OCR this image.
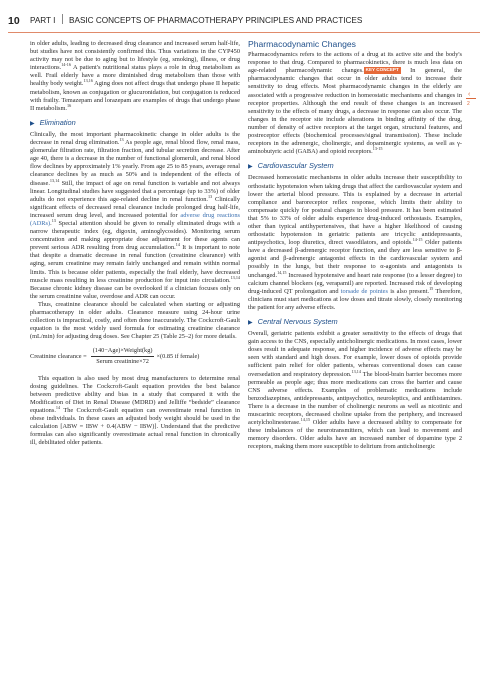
10 PART I BASIC CONCEPTS OF PHARMACOTHERAPY PRINCIPLES AND PRACTICES

in older adults, leading to decreased drug clearance and increased serum half-life, but studies have not consistently confirmed this. Thus variations in the CYP450 activity may not be due to aging but to lifestyle (eg, smoking), illness, or drug interactions.$^{14-16}$ A patient's nutritional status plays a role in drug metabolism as well. Frail elderly have a more diminished drug metabolism than those with healthy body weight.$^{13,16}$ Aging does not affect drugs that undergo phase II hepatic metabolism, known as conjugation or glucuronidation, but conjugation is reduced with frailty. Temazepam and lorazepam are examples of drugs that undergo phase II metabolism.$^{16}$

▶ Elimination

Clinically, the most important pharmacokinetic change in older adults is the decrease in renal drug elimination.$^{13}$ As people age, renal blood flow, renal mass, glomerular filtration rate, filtration fraction, and tubular secretion decrease. After age 40, there is a decrease in the number of functional glomeruli, and renal blood flow declines by approximately 1% yearly. From age 25 to 85 years, average renal clearance declines by as much as 50% and is independent of the effects of disease.$^{13,14}$ Still, the impact of age on renal function is variable and not always linear. Longitudinal studies have suggested that a percentage (up to 33%) of older adults do not experience this age-related decline in renal function.$^{13}$ Clinically significant effects of decreased renal clearance include prolonged drug half-life, increased serum drug level, and increased potential for adverse drug reactions (ADRs).$^{13}$ Special attention should be given to renally eliminated drugs with a narrow therapeutic index (eg, digoxin, aminoglycosides). Monitoring serum concentration and making appropriate dose adjustment for these agents can prevent serious ADR resulting from drug accumulation.$^{14}$ It is important to note that despite a dramatic decrease in renal function (creatinine clearance) with aging, serum creatinine may remain fairly unchanged and remain within normal limits. This is because older patients, especially the frail elderly, have decreased muscle mass resulting in less creatinine production for input into circulation.$^{13,14}$ Because chronic kidney disease can be overlooked if a clinician focuses only on the serum creatinine value, overdose and ADR can occur.

Thus, creatinine clearance should be calculated when starting or adjusting pharmacotherapy in older adults. Clearance measure using 24-hour urine collection is impractical, costly, and often done inaccurately. The Cockcroft-Gault equation is the most widely used formula for estimating creatinine clearance (mL/min) for adjusting drug doses. See Chapter 25 (Table 25–2) for more details.

Creatinine clearance = $\frac{\text{(140−Age)×Weight(kg)}}{\text{Serum creatinine×72}} \times(0.85$ if female)

This equation is also used by most drug manufacturers to determine renal dosing guidelines. The Cockcroft-Gault equation provides the best balance between predictive ability and bias in a study that compared it with the Modification of Diet in Renal Disease (MDRD) and Jelliffe “bedside” clearance equations.$^{14}$ The Cockcroft-Gault equation can overestimate renal function in obese individuals. In these cases an adjusted body weight should be used in the calculation [ABW = IBW + 0.4(ABW − IBW)]. Understand that the predictive formulas can also significantly overestimate actual renal function in chronically ill, debilitated older patients.

Pharmacodynamic Changes

Pharmacodynamics refers to the actions of a drug at its active site and the body's response to that drug. Compared to pharmacokinetics, there is much less data on age-related pharmacodynamic changes. KEY CONCEPT In general, the pharmacodynamic changes that occur in older adults tend to increase their sensitivity to drug effects. Most pharmacodynamic changes in the elderly are associated with a progressive reduction in homeostatic mechanisms and changes in receptor properties. Although the end result of these changes is an increased sensitivity to the effects of many drugs, a decrease in response can also occur. The changes in the receptor site include alterations in binding affinity of the drug, number of density of active receptors at the target organ, structural features, and postreceptor effects (biochemical processes/signal transmission). These include receptors in the adrenergic, cholinergic, and dopaminergic systems, as well as γ-aminobutyric acid (GABA) and opioid receptors.$^{13-15}$

▶ Cardiovascular System

Decreased homeostatic mechanisms in older adults increase their susceptibility to orthostatic hypotension when taking drugs that affect the cardiovascular system and lower the arterial blood pressure. This is explained by a decrease in arterial compliance and baroreceptor reflex response, which limits their ability to compensate quickly for postural changes in blood pressure. It has been estimated that 5% to 33% of older adults experience drug-induced orthostasis. Examples, other than typical antihypertensives, that have a higher likelihood of causing orthostatic hypotension in geriatric patients are tricyclic antidepressants, antipsychotics, loop diuretics, direct vasodilators, and opioids.$^{14-15}$ Older patients have a decreased β-adrenergic receptor function, and they are less sensitive to β-agonist and β-adrenergic antagonist effects in the cardiovascular system and possibly in the lungs, but their response to α-agonists and antagonists is unchanged.$^{14,15}$ Increased hypotensive and heart rate response (to a lesser degree) to calcium channel blockers (eg, verapamil) are reported. Increased risk of developing drug-induced QT prolongation and torsade de pointes is also present.$^{15}$ Therefore, clinicians must start medications at low doses and titrate slowly, closely monitoring the patient for any adverse effects.

▶ Central Nervous System

Overall, geriatric patients exhibit a greater sensitivity to the effects of drugs that gain access to the CNS, especially anticholinergic medications. In most cases, lower doses result in adequate response, and higher incidence of adverse effects may be seen with standard and high doses. For example, lower doses of opioids provide sufficient pain relief for older patients, whereas conventional doses can cause oversedation and respiratory depression.$^{13,14}$ The blood-brain barrier becomes more permeable as people age; thus more medications can cross the barrier and cause CNS adverse effects. Examples of problematic medications include benzodiazepines, antidepressants, antipsychotics, neuroleptics, and antihistamines. There is a decrease in the number of cholinergic neurons as well as nicotinic and muscarinic receptors, decreased choline uptake from the periphery, and increased acetylcholinesterase.$^{14,15}$ Older adults have a decreased ability to compensate for these imbalances of the neurotransmitters, which can lead to movement and memory disorders. Older adults have an increased number of dopamine type 2 receptors, making them more susceptible to delirium from anticholinergic

‹
2
